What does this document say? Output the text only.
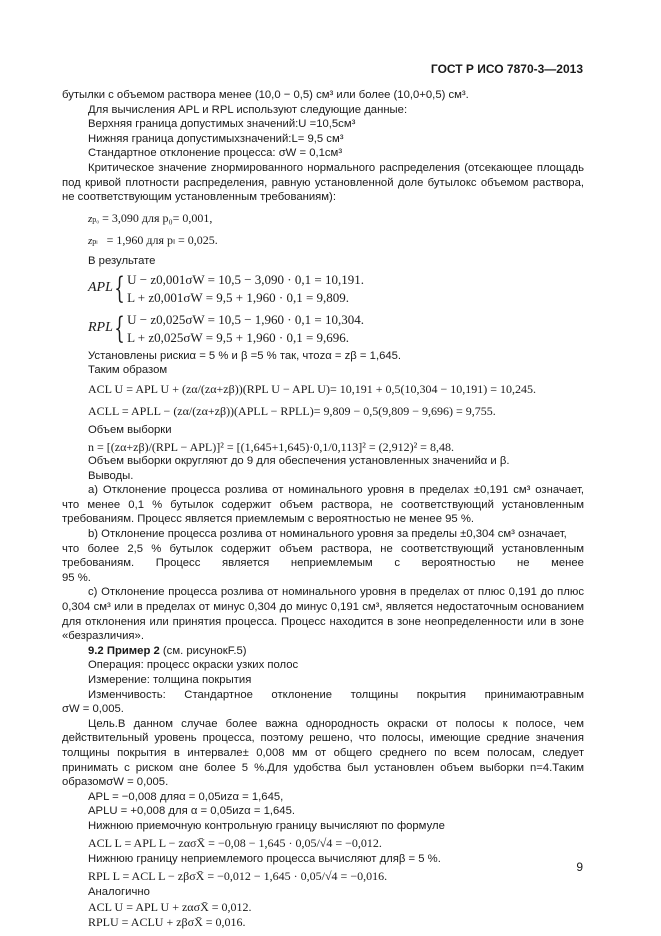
ГОСТ Р ИСО 7870-3—2013

бутылки с объемом раствора менее (10,0 − 0,5) см³ или более (10,0+0,5) см³.

Для вычисления APL и RPL используют следующие данные:

Верхняя граница допустимых значений:U =10,5см³

Нижняя граница допустимыхзначений:L= 9,5 см³

Стандартное отклонение процесса: σW = 0,1см³

Критическое значение zнормированного нормального распределения (отсекающее площадь под кривой плотности распределения, равную установленной доле бутылокс объемом раствора, не соответствующим установленным требованиям):

zp₀ = 3,090 для p₀= 0,001,

zpₗ = 1,960 для pₗ = 0,025.

В результате

APL { U − z0,001σW = 10,5 − 3,090 · 0,1 = 10,191.
L + z0,001σW = 9,5 + 1,960 · 0,1 = 9,809.
RPL { U − z0,025σW = 10,5 − 1,960 · 0,1 = 10,304.
L + z0,025σW = 9,5 + 1,960 · 0,1 = 9,696.

Установлены рискиα = 5 % и β =5 % так, чтоzα = zβ = 1,645.

Таким образом

ACL U = APL U + (zα/(zα+zβ))(RPL U − APL U)= 10,191 + 0,5(10,304 − 10,191) = 10,245.

ACLL = APLL − (zα/(zα+zβ))(APLL − RPLL)= 9,809 − 0,5(9,809 − 9,696) = 9,755.

Объем выборки

n = [(zα+zβ)/(RPL − APL)]² = [(1,645+1,645)·0,1/0,113]² = (2,912)² = 8,48.

Объем выборки округляют до 9 для обеспечения установленных значенийα и β.

Выводы.

а) Отклонение процесса розлива от номинального уровня в пределах ±0,191 см³ означает, что менее 0,1 % бутылок содержит объем раствора, не соответствующий установленным требованиям. Процесс является приемлемым с вероятностью не менее 95 %.

b) Отклонение процесса розлива от номинального уровня за пределы ±0,304 см³ означает,

что более 2,5 % бутылок содержит объем раствора, не соответствующий установленным
требованиям. Процесс является неприемлемым с вероятностью не менее

95 %.

с) Отклонение процесса розлива от номинального уровня в пределах от плюс 0,191 до плюс 0,304 см³ или в пределах от минус 0,304 до минус 0,191 см³, является недостаточным основанием для отклонения или принятия процесса. Процесс находится в зоне неопределенности или в зоне «безразличия».

9.2 Пример 2 (см. рисунокF.5)

Операция: процесс окраски узких полос

Измерение: толщина покрытия

Изменчивость: Стандартное отклонение толщины покрытия принимаютравным

σW = 0,005.

Цель.В данном случае более важна однородность окраски от полосы к полосе, чем действительный уровень процесса, поэтому решено, что полосы, имеющие средние значения толщины покрытия в интервале± 0,008 мм от общего среднего по всем полосам, следует принимать с риском αне более 5 %.Для удобства был установлен объем выборки n=4.Таким образомσW = 0,005.

APL = −0,008 дляα = 0,05иzα = 1,645,

APLU = +0,008 для α = 0,05иzα = 1,645.

Нижнюю приемочную контрольную границу вычисляют по формуле

ACL L = APL L − zασX̄ = −0,08 − 1,645 · 0,05/√4 = −0,012.

Нижнюю границу неприемлемого процесса вычисляют дляβ = 5 %.

RPL L = ACL L − zβσX̄ = −0,012 − 1,645 · 0,05/√4 = −0,016.

Аналогично

ACL U = APL U + zασX̄ = 0,012.

RPLU = ACLU + zβσX̄ = 0,016.

9
